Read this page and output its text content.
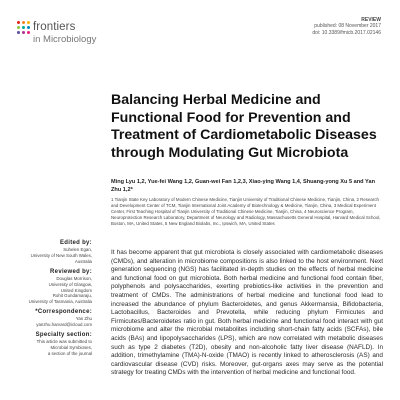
frontiers
in Microbiology
REVIEW
published: 08 November 2017
doi: 10.3389/fmicb.2017.02146
Balancing Herbal Medicine and Functional Food for Prevention and Treatment of Cardiometabolic Diseases through Modulating Gut Microbiota
Ming Lyu 1,2, Yue-fei Wang 1,2, Guan-wei Fan 1,2,3, Xiao-ying Wang 1,4, Shuang-yong Xu 5 and Yan Zhu 1,2*
1 Tianjin State Key Laboratory of Modern Chinese Medicine, Tianjin University of Traditional Chinese Medicine, Tianjin, China, 2 Research and Development Center of TCM, Tianjin International Joint Academy of Biotechnology & Medicine, Tianjin, China, 3 Medical Experiment Center, First Teaching Hospital of Tianjin University of Traditional Chinese Medicine, Tianjin, China, 4 Neuroscience Program, Neuroprotection Research Laboratory, Department of Neurology and Radiology, Massachusetts General Hospital, Harvard Medical School, Boston, MA, United States, 5 New England Biolabs, Inc., Ipswich, MA, United States
Edited by:
Suhelen Egan,
University of New South Wales,
Australia
Reviewed by:
Douglas Morrison,
University of Glasgow,
United Kingdom
Rohit Gundamaraju,
University of Tasmania, Australia
*Correspondence:
Yan Zhu
yanzhu.harvard@icloud.com
Specialty section:
This article was submitted to
Microbial Symbioses,
a section of the journal

It has become apparent that gut microbiota is closely associated with cardiometabolic diseases (CMDs), and alteration in microbiome compositions is also linked to the host environment. Next generation sequencing (NGS) has facilitated in-depth studies on the effects of herbal medicine and functional food on gut microbiota. Both herbal medicine and functional food contain fiber, polyphenols and polysaccharides, exerting prebiotics-like activities in the prevention and treatment of CMDs. The administrations of herbal medicine and functional food lead to increased the abundance of phylum Bacteroidetes, and genus Akkermansia, Bifidobacteria, Lactobacillus, Bacteroides and Prevotella, while reducing phylum Firmicutes and Firmicutes/Bacteroidetes ratio in gut. Both herbal medicine and functional food interact with gut microbiome and alter the microbial metabolites including short-chain fatty acids (SCFAs), bile acids (BAs) and lipopolysaccharides (LPS), which are now correlated with metabolic diseases such as type 2 diabetes (T2D), obesity and non-alcoholic fatty liver disease (NAFLD). In addition, trimethylamine (TMA)-N-oxide (TMAO) is recently linked to atherosclerosis (AS) and cardiovascular disease (CVD) risks. Moreover, gut-organs axes may serve as the potential strategy for treating CMDs with the intervention of herbal medicine and functional food.
